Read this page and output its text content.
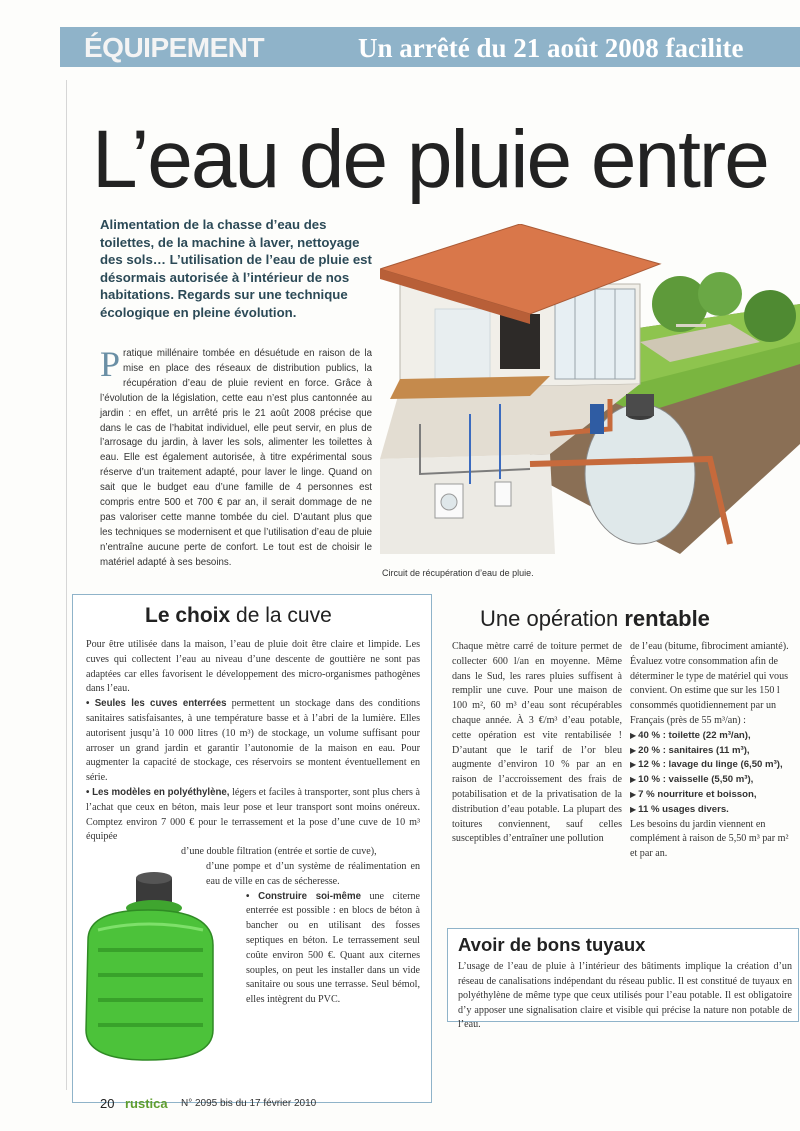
ÉQUIPEMENT	Un arrêté du 21 août 2008 facilite
L’eau de pluie entre
Alimentation de la chasse d’eau des toilettes, de la machine à laver, nettoyage des sols… L’utilisation de l’eau de pluie est désormais autorisée à l’intérieur de nos habitations. Regards sur une technique écologique en pleine évolution.
Pratique millénaire tombée en désuétude en raison de la mise en place des réseaux de distribution publics, la récupération d’eau de pluie revient en force. Grâce à l’évolution de la législation, cette eau n’est plus cantonnée au jardin : en effet, un arrêté pris le 21 août 2008 précise que dans le cas de l’habitat individuel, elle peut servir, en plus de l’arrosage du jardin, à laver les sols, alimenter les toilettes à eau. Elle est également autorisée, à titre expérimental sous réserve d’un traitement adapté, pour laver le linge. Quand on sait que le budget eau d’une famille de 4 personnes est compris entre 500 et 700 € par an, il serait dommage de ne pas valoriser cette manne tombée du ciel. D’autant plus que les techniques se modernisent et que l’utilisation d’eau de pluie n’entraîne aucune perte de confort. Le tout est de choisir le matériel adapté à ses besoins.
Circuit de récupération d’eau de pluie.
Le choix de la cuve

Pour être utilisée dans la maison, l’eau de pluie doit être claire et limpide. Les cuves qui collectent l’eau au niveau d’une descente de gouttière ne sont pas adaptées car elles favorisent le développement des micro-organismes pathogènes dans l’eau.

• Seules les cuves enterrées permettent un stockage dans des conditions sanitaires satisfaisantes, à une température basse et à l’abri de la lumière. Elles autorisent jusqu’à 10 000 litres (10 m³) de stockage, un volume suffisant pour arroser un grand jardin et garantir l’autonomie de la maison en eau. Pour augmenter la capacité de stockage, ces réservoirs se montent éventuellement en série.

• Les modèles en polyéthylène, légers et faciles à transporter, sont plus chers à l’achat que ceux en béton, mais leur pose et leur transport sont moins onéreux. Comptez environ 7 000 € pour le terrassement et la pose d’une cuve de 10 m³ équipée

d’une double filtration (entrée et sortie de cuve),

d’une pompe et d’un système de réalimentation en eau de ville en cas de sécheresse.

• Construire soi-même une citerne enterrée est possible : en blocs de béton à bancher ou en utilisant des fosses septiques en béton. Le terrassement seul coûte environ 500 €. Quant aux citernes souples, on peut les installer dans un vide sanitaire ou sous une terrasse. Seul bémol, elles intègrent du PVC.

Une opération rentable
Chaque mètre carré de toiture permet de collecter 600 l/an en moyenne. Même dans le Sud, les rares pluies suffisent à remplir une cuve. Pour une maison de 100 m², 60 m³ d’eau sont récupérables chaque année. À 3 €/m³ d’eau potable, cette opération est vite rentabilisée ! D’autant que le tarif de l’or bleu augmente d’environ 10 % par an en raison de l’accroissement des frais de potabilisation et de la privatisation de la distribution d’eau potable. La plupart des toitures conviennent, sauf celles susceptibles d’entraîner une pollution
de l’eau (bitume, fibrociment amianté). Évaluez votre consommation afin de déterminer le type de matériel qui vous convient. On estime que sur les 150 l consommés quotidiennement par un Français (près de 55 m³/an) :
▶ 40 % : toilette (22 m³/an),
▶ 20 % : sanitaires (11 m³),
▶ 12 % : lavage du linge (6,50 m³),
▶ 10 % : vaisselle (5,50 m³),
▶ 7 % nourriture et boisson,
▶ 11 % usages divers.
Les besoins du jardin viennent en complément à raison de 5,50 m³ par m² et par an.
Avoir de bons tuyaux
L’usage de l’eau de pluie à l’intérieur des bâtiments implique la création d’un réseau de canalisations indépendant du réseau public. Il est constitué de tuyaux en polyéthylène de même type que ceux utilisés pour l’eau potable. Il est obligatoire d’y apposer une signalisation claire et visible qui précise la nature non potable de l’eau.
20 rustica N° 2095 bis du 17 février 2010
